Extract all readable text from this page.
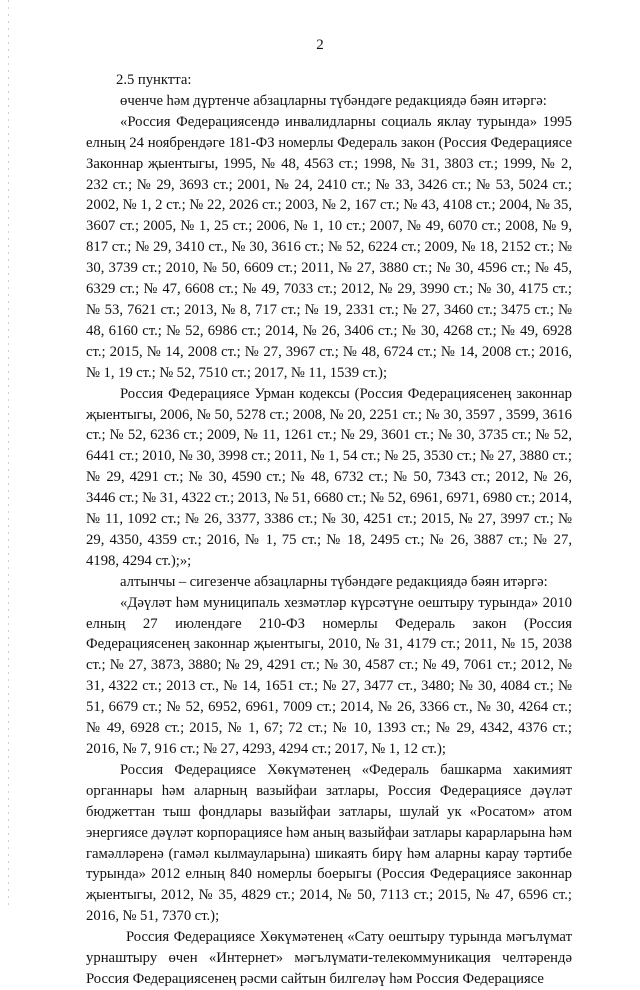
2

2.5 пунктта:

өченче һәм дүртенче абзацларны түбәндәге редакциядә бәян итәргә:

«Россия Федерациясендә инвалидларны социаль яклау турында» 1995 елның 24 ноябрендәге 181-ФЗ номерлы Федераль закон (Россия Федерациясе Законнар җыентыгы, 1995, № 48, 4563 ст.; 1998, № 31, 3803 ст.; 1999, № 2, 232 ст.; № 29, 3693 ст.; 2001, № 24, 2410 ст.; № 33, 3426 ст.; № 53, 5024 ст.; 2002, № 1, 2 ст.; № 22, 2026 ст.; 2003, № 2, 167 ст.; № 43, 4108 ст.; 2004, № 35, 3607 ст.; 2005, № 1, 25 ст.; 2006, № 1, 10 ст.; 2007, № 49, 6070 ст.; 2008, № 9, 817 ст.; № 29, 3410 ст., № 30, 3616 ст.; № 52, 6224 ст.; 2009, № 18, 2152 ст.; № 30, 3739 ст.; 2010, № 50, 6609 ст.; 2011, № 27, 3880 ст.; № 30, 4596 ст.; № 45, 6329 ст.; № 47, 6608 ст.; № 49, 7033 ст.; 2012, № 29, 3990 ст.; № 30, 4175 ст.; № 53, 7621 ст.; 2013, № 8, 717 ст.; № 19, 2331 ст.; № 27, 3460 ст.; 3475 ст.; № 48, 6160 ст.; № 52, 6986 ст.; 2014, № 26, 3406 ст.; № 30, 4268 ст.; № 49, 6928 ст.; 2015, № 14, 2008 ст.; № 27, 3967 ст.; № 48, 6724 ст.; № 14, 2008 ст.; 2016, № 1, 19 ст.; № 52, 7510 ст.; 2017, № 11, 1539 ст.);

Россия Федерациясе Урман кодексы (Россия Федерациясенең законнар җыентыгы, 2006, № 50, 5278 ст.; 2008, № 20, 2251 ст.; № 30, 3597 , 3599, 3616 ст.; № 52, 6236 ст.; 2009, № 11, 1261 ст.; № 29, 3601 ст.; № 30, 3735 ст.; № 52, 6441 ст.; 2010, № 30, 3998 ст.; 2011, № 1, 54 ст.; № 25, 3530 ст.; № 27, 3880 ст.; № 29, 4291 ст.; № 30, 4590 ст.; № 48, 6732 ст.; № 50, 7343 ст.; 2012, № 26, 3446 ст.; № 31, 4322 ст.; 2013, № 51, 6680 ст.; № 52, 6961, 6971, 6980 ст.; 2014, № 11, 1092 ст.; № 26, 3377, 3386 ст.; № 30, 4251 ст.; 2015, № 27, 3997 ст.; № 29, 4350, 4359 ст.; 2016, № 1, 75 ст.; № 18, 2495 ст.; № 26, 3887 ст.; № 27, 4198, 4294 ст.);»;

алтынчы – сигезенче абзацларны түбәндәге редакциядә бәян итәргә:

«Дәүләт һәм муниципаль хезмәтләр күрсәтүне оештыру турында» 2010 елның 27 июлендәге 210-ФЗ номерлы Федераль закон (Россия Федерациясенең законнар җыентыгы, 2010, № 31, 4179 ст.; 2011, № 15, 2038 ст.; № 27, 3873, 3880; № 29, 4291 ст.; № 30, 4587 ст.; № 49, 7061 ст.; 2012, № 31, 4322 ст.; 2013 ст., № 14, 1651 ст.; № 27, 3477 ст., 3480; № 30, 4084 ст.; № 51, 6679 ст.; № 52, 6952, 6961, 7009 ст.; 2014, № 26, 3366 ст., № 30, 4264 ст.; № 49, 6928 ст.; 2015, № 1, 67; 72 ст.; № 10, 1393 ст.; № 29, 4342, 4376 ст.; 2016, № 7, 916 ст.; № 27, 4293, 4294 ст.; 2017, № 1, 12 ст.);

Россия Федерациясе Хөкүмәтенең «Федераль башкарма хакимият органнары һәм аларның вазыйфаи затлары, Россия Федерациясе дәүләт бюджеттан тыш фондлары вазыйфаи затлары, шулай ук «Росатом» атом энергиясе дәүләт корпорациясе һәм аның вазыйфаи затлары карарларына һәм гамәлләренә (гамәл кылмауларына) шикаять бирү һәм аларны карау тәртибе турында» 2012 елның 840 номерлы боерыгы (Россия Федерациясе законнар җыентыгы, 2012, № 35, 4829 ст.; 2014, № 50, 7113 ст.; 2015, № 47, 6596 ст.; 2016, № 51, 7370 ст.);

Россия Федерациясе Хөкүмәтенең «Сату оештыру турында мәгълүмат урнаштыру өчен «Интернет» мәгълүмати-телекоммуникация челтәрендә Россия Федерациясенең рәсми сайтын билгеләү һәм Россия Федерациясе
